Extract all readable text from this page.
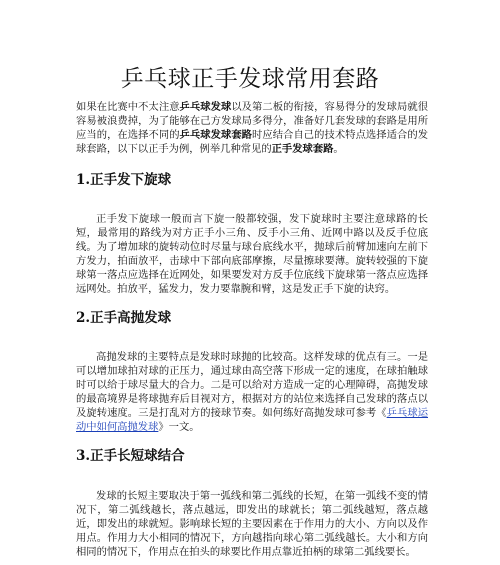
乒乓球正手发球常用套路

如果在比赛中不太注意乒乓球发球以及第二板的衔接，容易得分的发球局就很容易被浪费掉，为了能够在己方发球局多得分，准备好几套发球的套路是用所应当的，在选择不同的乒乓球发球套路时应结合自己的技术特点选择适合的发球套路，以下以正手为例，例举几种常见的正手发球套路。

1.正手发下旋球

正手发下旋球一般而言下旋一般都较强，发下旋球时主要注意球路的长短，最常用的路线为对方正手小三角、反手小三角、近网中路以及反手位底线。为了增加球的旋转动位时尽量与球台底线水平，抛球后前臂加速向左前下方发力，拍面放平，击球中下部向底部摩擦，尽量擦球要薄。旋转较强的下旋球第一落点应选择在近网处，如果要发对方反手位底线下旋球第一落点应选择远网处。拍放平，猛发力，发力要靠腕和臂，这是发正手下旋的诀窍。

2.正手高抛发球

高抛发球的主要特点是发球时球抛的比较高。这样发球的优点有三。一是可以增加球拍对球的正压力，通过球由高空落下形成一定的速度，在球拍触球时可以给于球尽量大的合力。二是可以给对方造成一定的心理障碍，高抛发球的最高境界是将球抛弃后目视对方，根据对方的站位来选择自己发球的落点以及旋转速度。三是打乱对方的接球节奏。如何练好高抛发球可参考《乒乓球运动中如何高抛发球》一文。

3.正手长短球结合

发球的长短主要取决于第一弧线和第二弧线的长短，在第一弧线不变的情况下，第二弧线越长，落点越远，即发出的球就长；第二弧线越短，落点越近，即发出的球就短。影响球长短的主要因素在于作用力的大小、方向以及作用点。作用力大小相同的情况下，方向越指向球心第二弧线越长。大小和方向相同的情况下，作用点在拍头的球要比作用点靠近拍柄的球第二弧线要长。
